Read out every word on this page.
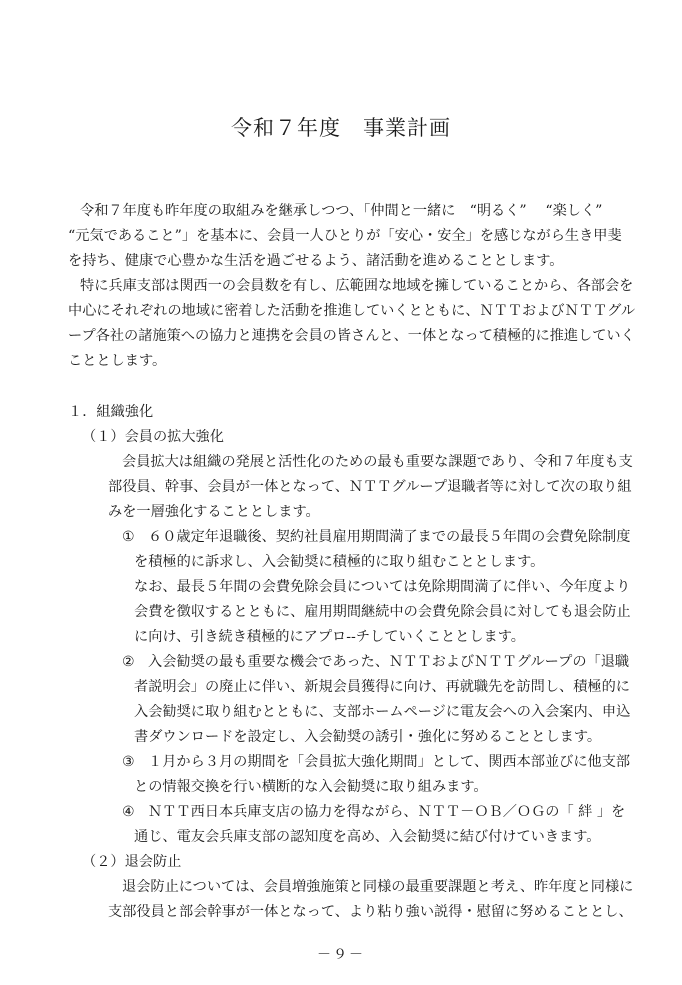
令和７年度　事業計画
令和７年度も昨年度の取組みを継承しつつ、「仲間と一緒に　“明るく”　 “楽しく”
“元気であること”」を基本に、会員一人ひとりが「安心・安全」を感じながら生き甲斐
を持ち、健康で心豊かな生活を過ごせるよう、諸活動を進めることとします。
特に兵庫支部は関西一の会員数を有し、広範囲な地域を擁していることから、各部会を
中心にそれぞれの地域に密着した活動を推進していくとともに、ＮＴＴおよびＮＴＴグル
ープ各社の諸施策への協力と連携を会員の皆さんと、一体となって積極的に推進していく
こととします。
１．組織強化
（１）会員の拡大強化
会員拡大は組織の発展と活性化のための最も重要な課題であり、令和７年度も支
部役員、幹事、会員が一体となって、ＮＴＴグループ退職者等に対して次の取り組
みを一層強化することとします。
① ６０歳定年退職後、契約社員雇用期間満了までの最長５年間の会費免除制度
を積極的に訴求し、入会勧奨に積極的に取り組むこととします。
なお、最長５年間の会費免除会員については免除期間満了に伴い、今年度より
会費を徴収するとともに、雇用期間継続中の会費免除会員に対しても退会防止
に向け、引き続き積極的にアプロ--チしていくこととします。
② 入会勧奨の最も重要な機会であった、ＮＴＴおよびＮＴＴグループの「退職
者説明会」の廃止に伴い、新規会員獲得に向け、再就職先を訪問し、積極的に
入会勧奨に取り組むとともに、支部ホームページに電友会への入会案内、申込
書ダウンロードを設定し、入会勧奨の誘引・強化に努めることとします。
③ １月から３月の期間を「会員拡大強化期間」として、関西本部並びに他支部
との情報交換を行い横断的な入会勧奨に取り組みます。
④ ＮＴＴ西日本兵庫支店の協力を得ながら、ＮＴＴ－ＯＢ／ＯＧの「 絆 」を
通じ、電友会兵庫支部の認知度を高め、入会勧奨に結び付けていきます。
（２）退会防止
退会防止については、会員増強施策と同様の最重要課題と考え、昨年度と同様に
支部役員と部会幹事が一体となって、より粘り強い説得・慰留に努めることとし、
－９－
